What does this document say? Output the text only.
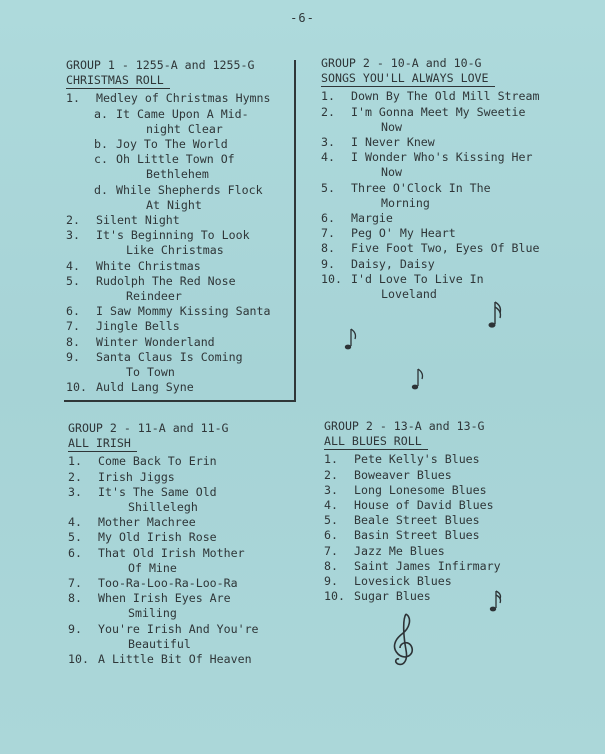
-6-
GROUP 1 - 1255-A and 1255-G
CHRISTMAS ROLL
1.	Medley of Christmas Hymns
a. It Came Upon A Mid-
night Clear
b. Joy To The World
c. Oh Little Town Of
Bethlehem
d. While Shepherds Flock
At Night
2.	Silent Night
3.	It's Beginning To Look
Like Christmas
4.	White Christmas
5.	Rudolph The Red Nose
Reindeer
6.	I Saw Mommy Kissing Santa
7.	Jingle Bells
8.	Winter Wonderland
9.	Santa Claus Is Coming
To Town
10. Auld Lang Syne
GROUP 2 - 10-A and 10-G
SONGS YOU'LL ALWAYS LOVE
1.	Down By The Old Mill Stream
2.	I'm Gonna Meet My Sweetie
Now
3.	I Never Knew
4.	I Wonder Who's Kissing Her
Now
5.	Three O'Clock In The
Morning
6.	Margie
7.	Peg O' My Heart
8.	Five Foot Two, Eyes Of Blue
9.	Daisy, Daisy
10. I'd Love To Live In
Loveland
GROUP 2 - 11-A and 11-G
ALL IRISH
1.	Come Back To Erin
2.	Irish Jiggs
3.	It's The Same Old
Shillelegh
4.	Mother Machree
5.	My Old Irish Rose
6.	That Old Irish Mother
Of Mine
7.	Too-Ra-Loo-Ra-Loo-Ra
8.	When Irish Eyes Are
Smiling
9.	You're Irish And You're
Beautiful
10. A Little Bit Of Heaven
GROUP 2 - 13-A and 13-G
ALL BLUES ROLL
1.	Pete Kelly's Blues
2.	Boweaver Blues
3.	Long Lonesome Blues
4.	House of David Blues
5.	Beale Street Blues
6.	Basin Street Blues
7.	Jazz Me Blues
8.	Saint James Infirmary
9.	Lovesick Blues
10. Sugar Blues
